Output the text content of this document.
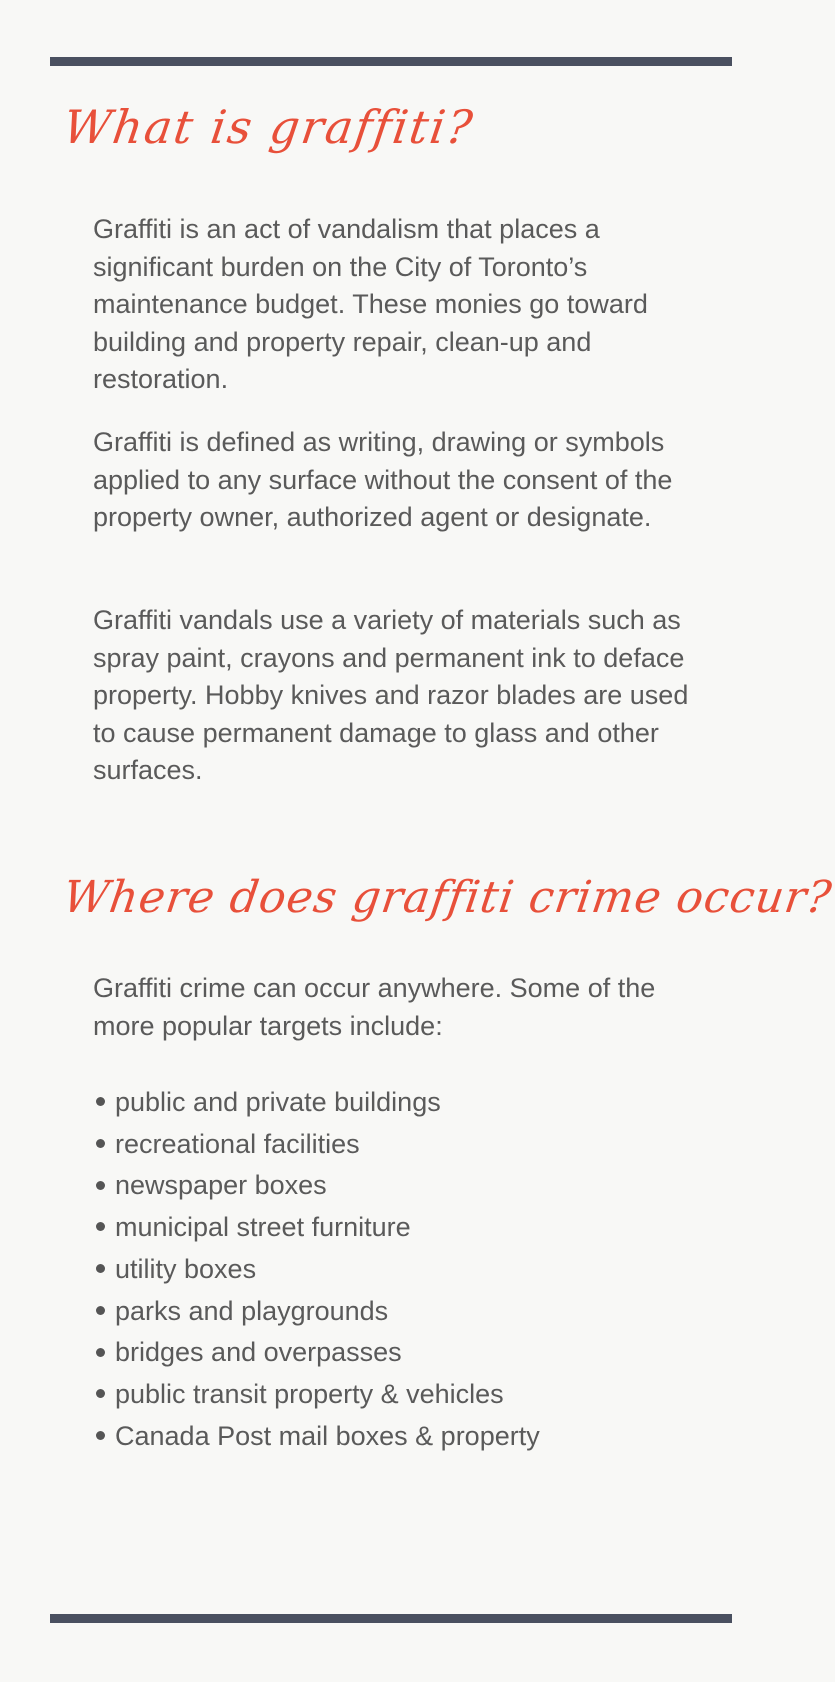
What is graffiti?

Graffiti is an act of vandalism that places a significant burden on the City of Toronto’s maintenance budget. These monies go toward building and property repair, clean-up and restoration.

Graffiti is defined as writing, drawing or symbols applied to any surface without the consent of the property owner, authorized agent or designate.

Graffiti vandals use a variety of materials such as spray paint, crayons and permanent ink to deface property. Hobby knives and razor blades are used to cause permanent damage to glass and other surfaces.

Where does graffiti crime occur?

Graffiti crime can occur anywhere. Some of the more popular targets include:

public and private buildings
recreational facilities
newspaper boxes
municipal street furniture
utility boxes
parks and playgrounds
bridges and overpasses
public transit property & vehicles
Canada Post mail boxes & property
